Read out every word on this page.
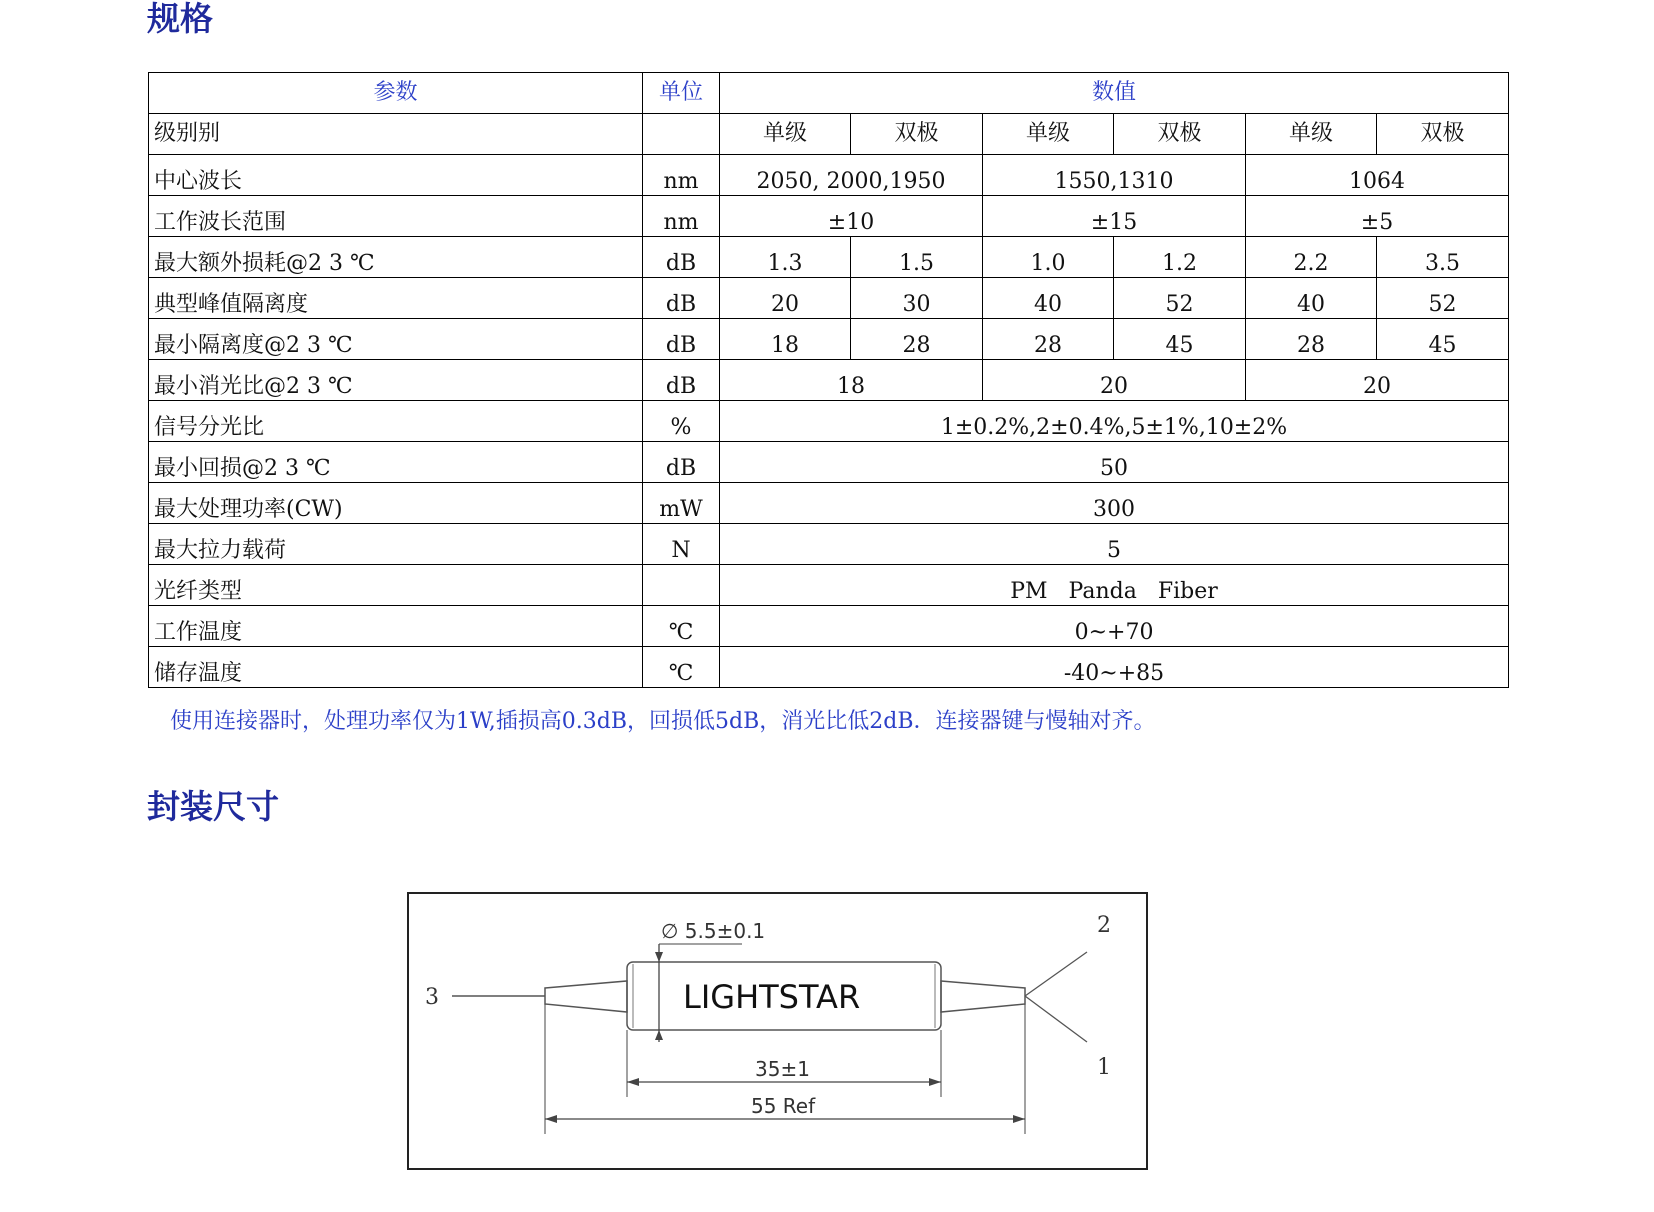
规格
参数	单位	数值					
级别别		单级	双极	单级	双极	单级	双极
中心波长	nm	2050, 2000,1950		1550,1310		1064	
工作波长范围	nm	±10		±15		±5	
最大额外损耗@2 3 ℃	dB	1.3	1.5	1.0	1.2	2.2	3.5
典型峰值隔离度	dB	20	30	40	52	40	52
最小隔离度@2 3 ℃	dB	18	28	28	45	28	45
最小消光比@2 3 ℃	dB	18		20		20	
信号分光比	%	1±0.2%,2±0.4%,5±1%,10±2%					
最小回损@2 3 ℃	dB	50					
最大处理功率(CW)	mW	300					
最大拉力载荷	N	5					
光纤类型		PM   Panda   Fiber					
工作温度	℃	0~+70					
储存温度	℃	-40~+85					

使用连接器时，处理功率仅为1W,插损高0.3dB，回损低5dB，消光比低2dB．连接器键与慢轴对齐。

封装尺寸
∅ 5.5±0.1
LIGHTSTAR
3
2
1
35±1
55 Ref
